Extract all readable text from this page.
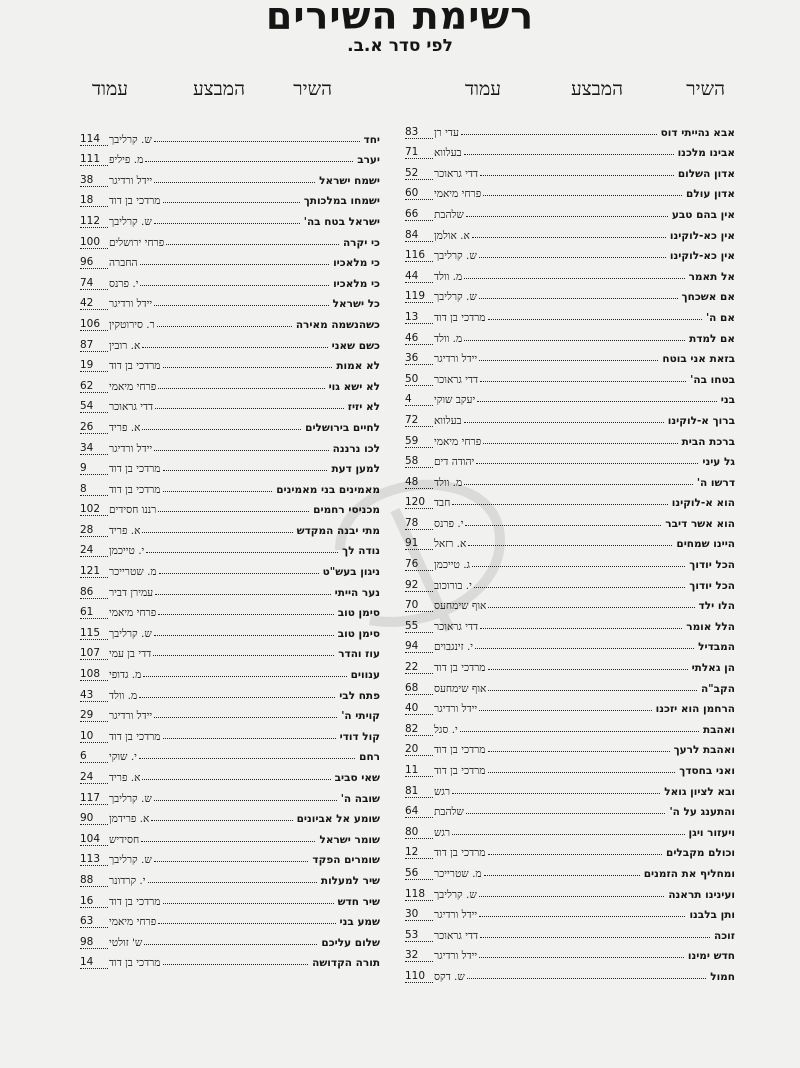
רשימת השירים
לפי סדר א.ב.
השיר
המבצע
עמוד
אבא נהייתי דוס
עדי רן
83
אבינו מלכנו
בעלווא
71
אדון השלום
דדי גראוכר
52
אדון עולם
פרחי מיאמי
60
אין בהם טבע
שלהבת
66
אין כא-לוקינו
א. אולמן
84
אין כא-לוקינו
ש. קרליבך
116
אל תאמר
מ. וולד
44
אם אשכחך
ש. קרליבך
119
אם ה'
מרדכי בן דוד
13
אם למדת
מ. וולד
46
בזאת אני בוטח
יידל ורדיגר
36
בטחו בה'
דדי גראוכר
50
בני
יעקב שוקי
4
ברוך א-לוקינו
בעלווא
72
ברכת הבית
פרחי מיאמי
59
גל עיני
יהודה דים
58
דרשו ה'
מ. וולד
48
הוא א-לוקינו
חבד
120
הוא אשר דיבר
י. פרנס
78
היינו שמחים
א. רזאל
91
הכל יודוך
ג. טייכמן
76
הכל יודוך
י. בורוכוב
92
הלו ילד
אוף שימחעס
70
הלל אומר
דדי גראוכר
55
המבדיל
י. זינגבוים
94
הן גאלתי
מרדכי בן דוד
22
הקב"ה
אוף שימחעס
68
הרחמן הוא יזכנו
יידל ורדיגר
40
ואהבת
י. סגל
82
ואהבת לרעך
מרדכי בן דוד
20
ואני בחסדך
מרדכי בן דוד
11
ובא לציון גואל
רגש
81
והתענג על ה'
שלהבת
64
ויעזור ויגן
רגש
80
וכולם מקבלים
מרדכי בן דוד
12
ומחליף את הזמנים
מ. שטרייכר
56
ועינינו תראנה
ש. קרליבך
118
ותן בלבנו
יידל ורדיגר
30
זוכה
דדי גראוכר
53
חדש ימינו
יידל ורדיגר
32
חמול
ש. דקס
110
השיר
המבצע
עמוד
יחד
ש. קרליבך
114
יערב
מ. פיליפ
111
ישמח ישראל
יידל ורדיגר
38
ישמחו במלכותך
מרדכי בן דוד
18
ישראל בטח בה'
ש. קרליבך
112
כי יקרה
פרחי ירושלים
100
כי מלאכיו
החברה
96
כי מלאכיו
י. פרנס
74
כל ישראל
יידל ורדיגר
42
כשהנשמה מאירה
ר. סירוטקין
106
כשם שאני
א. רובין
87
לא אמות
מרדכי בן דוד
19
לא ישא גוי
פרחי מיאמי
62
לא יזיז
דדי גראוכר
54
לחיים בירושלים
א. פריד
26
לכו נרננה
יידל ורדיגר
34
למען דעת
מרדכי בן דוד
9
מאמינים בני מאמינים
מרדכי בן דוד
8
מכניסי רחמים
רננו חסידים
102
מתי יבנה המקדש
א. פריד
28
נודה לך
י. טייכמן
24
ניגון בעש"ט
מ. שטרייכר
121
נער הייתי
עמירן דביר
86
סימן טוב
פרחי מיאמי
61
סימן טוב
ש. קרליבך
115
עוז והדר
דדי בן עמי
107
ענווים
מ. גדופי
108
פתח לבי
מ. וולד
43
קויתי ה'
יידל ורדיגר
29
קול דודי
מרדכי בן דוד
10
רחם
י. שוקי
6
שאי סביב
א. פריד
24
שובה ה'
ש. קרליבך
117
שומע אל אביונים
א. פרידמן
90
שומר ישראל
חסידיש
104
שומרים הפקד
ש. קרליבך
113
שיר למעלות
י. קרדונר
88
שיר חדש
מרדכי בן דוד
16
שמע בני
פרחי מיאמי
63
שלום עליכם
ש' זולטי
98
תורה הקדושה
מרדכי בן דוד
14
